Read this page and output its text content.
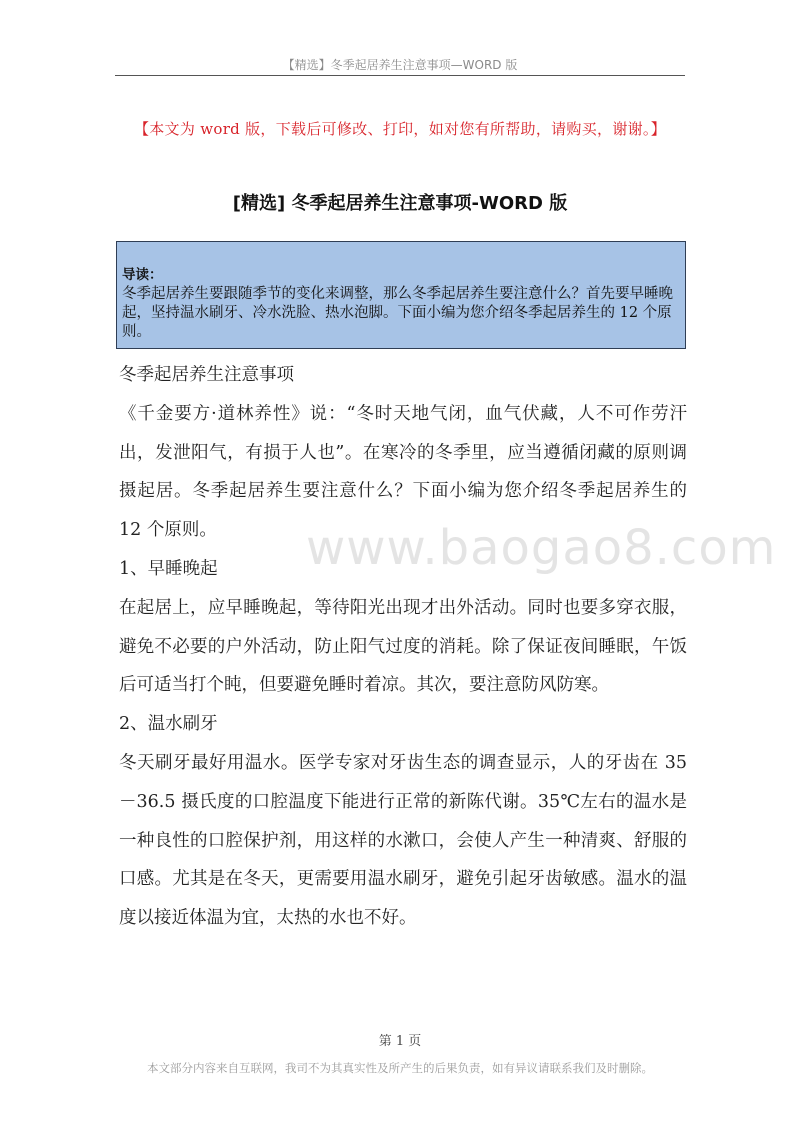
【精选】冬季起居养生注意事项—WORD 版
【本文为 word 版，下载后可修改、打印，如对您有所帮助，请购买，谢谢。】
[精选] 冬季起居养生注意事项-WORD 版
导读：
冬季起居养生要跟随季节的变化来调整，那么冬季起居养生要注意什么？首先要早睡晚起，坚持温水刷牙、冷水洗脸、热水泡脚。下面小编为您介绍冬季起居养生的 12 个原则。
www.baogao8.com

冬季起居养生注意事项

《千金要方·道林养性》说：“冬时天地气闭，血气伏藏，人不可作劳汗出，发泄阳气，有损于人也”。在寒冷的冬季里，应当遵循闭藏的原则调摄起居。冬季起居养生要注意什么？下面小编为您介绍冬季起居养生的 12 个原则。

1、早睡晚起

在起居上，应早睡晚起，等待阳光出现才出外活动。同时也要多穿衣服，避免不必要的户外活动，防止阳气过度的消耗。除了保证夜间睡眠，午饭后可适当打个盹，但要避免睡时着凉。其次，要注意防风防寒。

2、温水刷牙

冬天刷牙最好用温水。医学专家对牙齿生态的调查显示，人的牙齿在 35－36.5 摄氏度的口腔温度下能进行正常的新陈代谢。35℃左右的温水是一种良性的口腔保护剂，用这样的水漱口，会使人产生一种清爽、舒服的口感。尤其是在冬天，更需要用温水刷牙，避免引起牙齿敏感。温水的温度以接近体温为宜，太热的水也不好。

第 1 页
本文部分内容来自互联网，我司不为其真实性及所产生的后果负责，如有异议请联系我们及时删除。
